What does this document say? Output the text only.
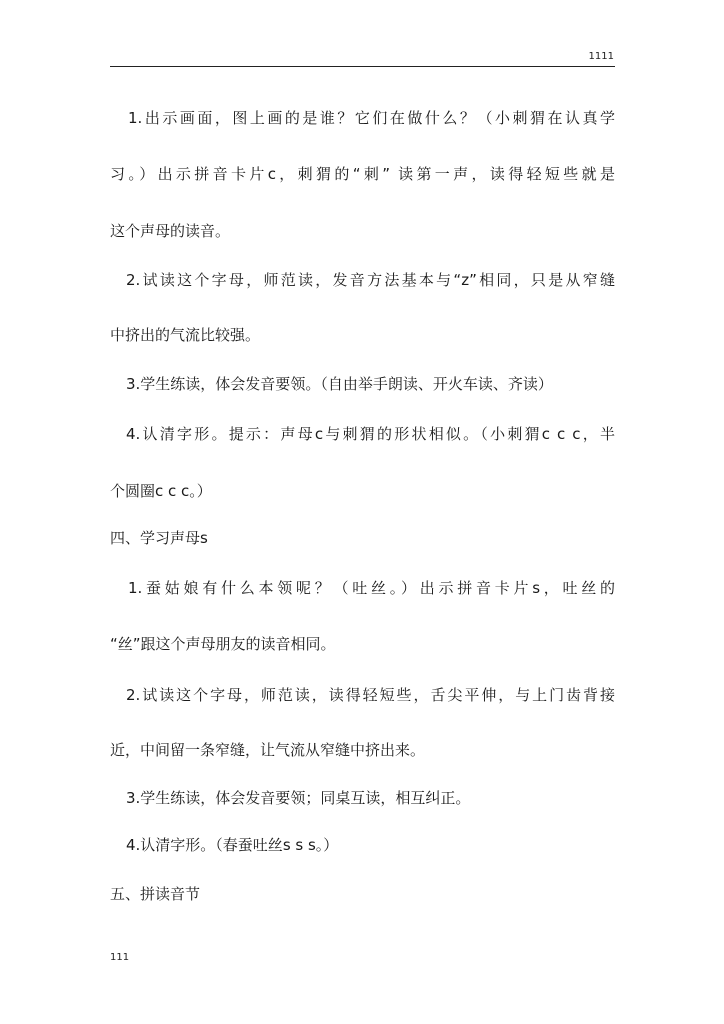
1111
1.出示画面，图上画的是谁？它们在做什么？（小刺猬在认真学
习。）出示拼音卡片c，刺猬的“刺” 读第一声，读得轻短些就是
这个声母的读音。
2.试读这个字母，师范读，发音方法基本与“z”相同，只是从窄缝
中挤出的气流比较强。
3.学生练读，体会发音要领。（自由举手朗读、开火车读、齐读）
4.认清字形。提示：声母c与刺猬的形状相似。（小刺猬c c c，半
个圆圈c c c。）
四、学习声母s
1.蚕姑娘有什么本领呢？（吐丝。）出示拼音卡片s，吐丝的
“丝”跟这个声母朋友的读音相同。
2.试读这个字母，师范读，读得轻短些，舌尖平伸，与上门齿背接
近，中间留一条窄缝，让气流从窄缝中挤出来。
3.学生练读，体会发音要领；同桌互读，相互纠正。
4.认清字形。（春蚕吐丝s s s。）
五、拼读音节
111
